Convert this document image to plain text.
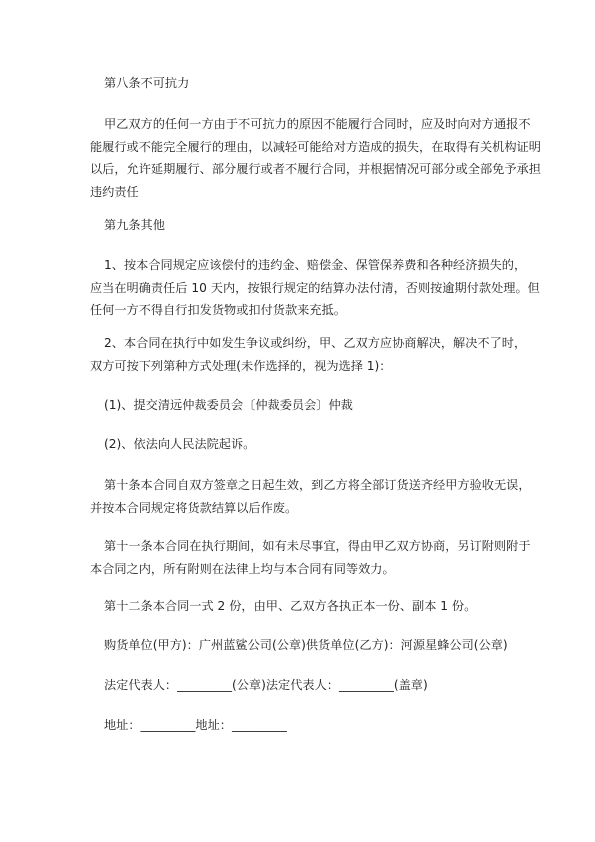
第八条不可抗力

甲乙双方的任何一方由于不可抗力的原因不能履行合同时，应及时向对方通报不
能履行或不能完全履行的理由，以减轻可能给对方造成的损失，在取得有关机构证明
以后，允许延期履行、部分履行或者不履行合同，并根据情况可部分或全部免予承担
违约责任

第九条其他

1、按本合同规定应该偿付的违约金、赔偿金、保管保养费和各种经济损失的，
应当在明确责任后 10 天内，按银行规定的结算办法付清，否则按逾期付款处理。但
任何一方不得自行扣发货物或扣付货款来充抵。

2、本合同在执行中如发生争议或纠纷，甲、乙双方应协商解决，解决不了时，
双方可按下列第种方式处理(未作选择的，视为选择 1)：

(1)、提交清远仲裁委员会〔仲裁委员会〕仲裁

(2)、依法向人民法院起诉。

第十条本合同自双方签章之日起生效，到乙方将全部订货送齐经甲方验收无误，
并按本合同规定将货款结算以后作废。

第十一条本合同在执行期间，如有未尽事宜，得由甲乙双方协商，另订附则附于
本合同之内，所有附则在法律上均与本合同有同等效力。

第十二条本合同一式 2 份，由甲、乙双方各执正本一份、副本 1 份。

购货单位(甲方)：广州蓝鲨公司(公章)供货单位(乙方)：河源星蜂公司(公章)

法定代表人：_________(公章)法定代表人：_________(盖章)

地址：_________地址：_________
